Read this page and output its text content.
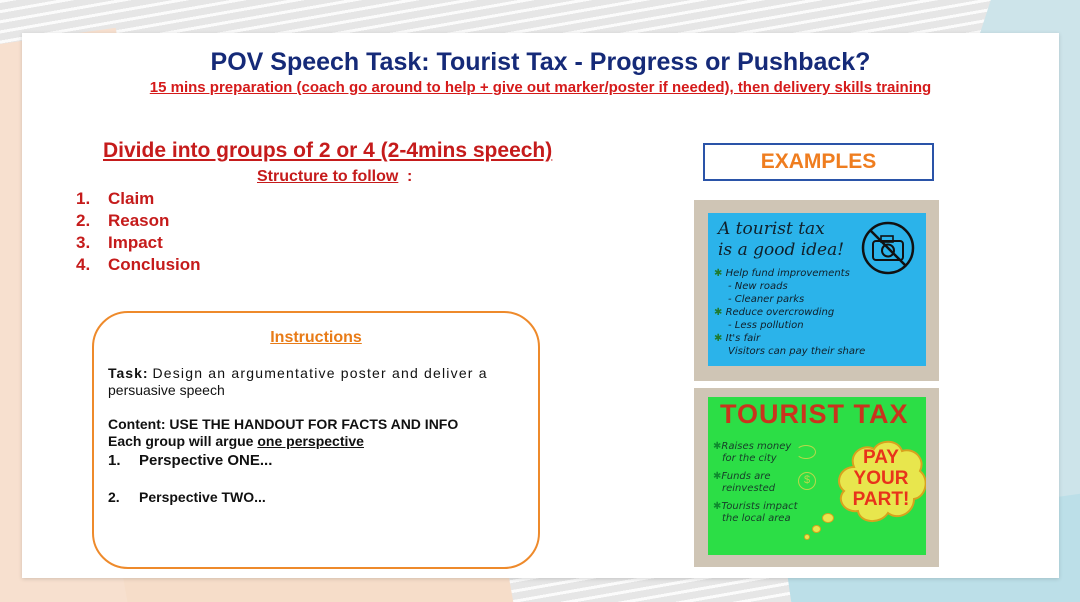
POV Speech Task: Tourist Tax - Progress or Pushback?
15 mins preparation (coach go around to help + give out marker/poster if needed), then delivery skills training
Divide into groups of 2 or 4 (2-4mins speech)
Structure to follow :
1. Claim
2. Reason
3. Impact
4. Conclusion
Instructions
Task: Design an argumentative poster and deliver a
persuasive speech
Content: USE THE HANDOUT FOR FACTS AND INFO
Each group will argue one perspective
1. Perspective ONE...
2. Perspective TWO...
EXAMPLES
A tourist tax
is a good idea!
✱ Help fund improvements
- New roads
- Cleaner parks
✱ Reduce overcrowding
- Less pollution
✱ It's fair
Visitors can pay their share
TOURIST TAX
✱Raises money
for the city
✱Funds are
reinvested
✱Tourists impact
the local area
$
PAY
YOUR
PART!
